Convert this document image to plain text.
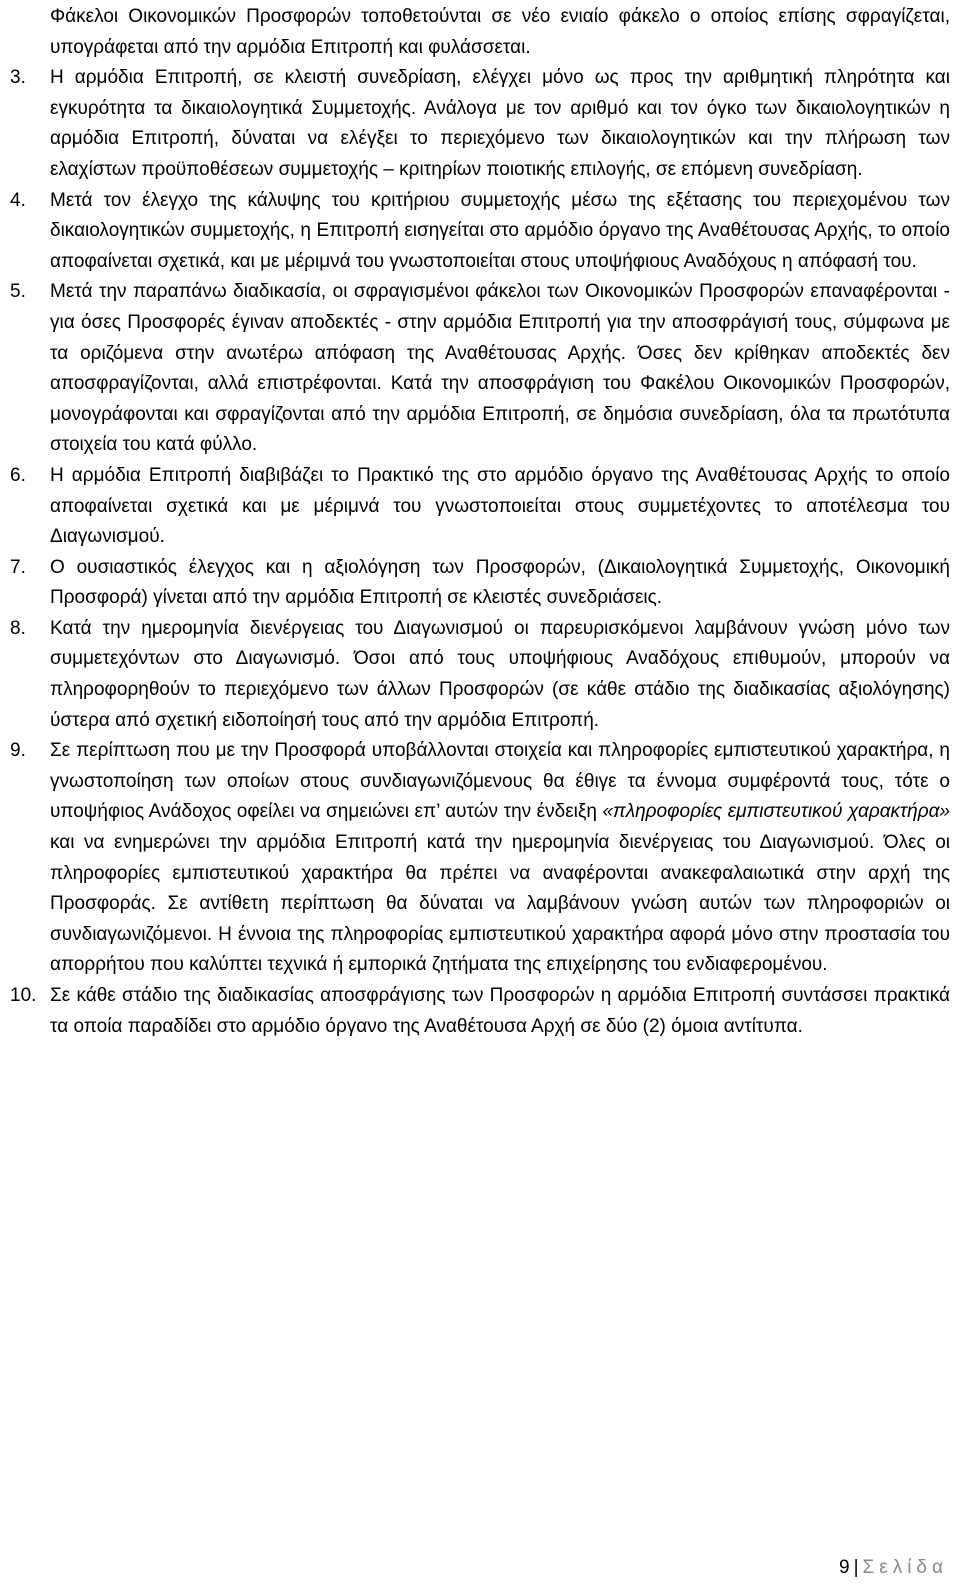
Φάκελοι Οικονομικών Προσφορών τοποθετούνται σε νέο ενιαίο φάκελο ο οποίος επίσης σφραγίζεται, υπογράφεται από την αρμόδια Επιτροπή και φυλάσσεται.

3.	Η αρμόδια Επιτροπή, σε κλειστή συνεδρίαση, ελέγχει μόνο ως προς την αριθμητική πληρότητα και εγκυρότητα τα δικαιολογητικά Συμμετοχής. Ανάλογα με τον αριθμό και τον όγκο των δικαιολογητικών η αρμόδια Επιτροπή, δύναται να ελέγξει το περιεχόμενο των δικαιολογητικών και την πλήρωση των ελαχίστων προϋποθέσεων συμμετοχής – κριτηρίων ποιοτικής επιλογής, σε επόμενη συνεδρίαση.

4.	Μετά τον έλεγχο της κάλυψης του κριτήριου συμμετοχής μέσω της εξέτασης του περιεχομένου των δικαιολογητικών συμμετοχής, η Επιτροπή εισηγείται στο αρμόδιο όργανο της Αναθέτουσας Αρχής, το οποίο αποφαίνεται σχετικά, και με μέριμνά του γνωστοποιείται στους υποψήφιους Αναδόχους η απόφασή του.

5.	Μετά την παραπάνω διαδικασία, οι σφραγισμένοι φάκελοι των Οικονομικών Προσφορών επαναφέρονται - για όσες Προσφορές έγιναν αποδεκτές - στην αρμόδια Επιτροπή για την αποσφράγισή τους, σύμφωνα με τα οριζόμενα στην ανωτέρω απόφαση της Αναθέτουσας Αρχής. Όσες δεν κρίθηκαν αποδεκτές δεν αποσφραγίζονται, αλλά επιστρέφονται. Κατά την αποσφράγιση του Φακέλου Οικονομικών Προσφορών, μονογράφονται και σφραγίζονται από την αρμόδια Επιτροπή, σε δημόσια συνεδρίαση, όλα τα πρωτότυπα στοιχεία του κατά φύλλο.

6.	Η αρμόδια Επιτροπή διαβιβάζει το Πρακτικό της στο αρμόδιο όργανο της Αναθέτουσας Αρχής το οποίο αποφαίνεται σχετικά και με μέριμνά του γνωστοποιείται στους συμμετέχοντες το αποτέλεσμα του Διαγωνισμού.

7.	Ο ουσιαστικός έλεγχος και η αξιολόγηση των Προσφορών, (Δικαιολογητικά Συμμετοχής, Οικονομική Προσφορά) γίνεται από την αρμόδια Επιτροπή σε κλειστές συνεδριάσεις.

8.	Κατά την ημερομηνία διενέργειας του Διαγωνισμού οι παρευρισκόμενοι λαμβάνουν γνώση μόνο των συμμετεχόντων στο Διαγωνισμό. Όσοι από τους υποψήφιους Αναδόχους επιθυμούν, μπορούν να πληροφορηθούν το περιεχόμενο των άλλων Προσφορών (σε κάθε στάδιο της διαδικασίας αξιολόγησης) ύστερα από σχετική ειδοποίησή τους από την αρμόδια Επιτροπή.

9.	Σε περίπτωση που με την Προσφορά υποβάλλονται στοιχεία και πληροφορίες εμπιστευτικού χαρακτήρα, η γνωστοποίηση των οποίων στους συνδιαγωνιζόμενους θα έθιγε τα έννομα συμφέροντά τους, τότε ο υποψήφιος Ανάδοχος οφείλει να σημειώνει επ’ αυτών την ένδειξη «πληροφορίες εμπιστευτικού χαρακτήρα» και να ενημερώνει την αρμόδια Επιτροπή κατά την ημερομηνία διενέργειας του Διαγωνισμού. Όλες οι πληροφορίες εμπιστευτικού χαρακτήρα θα πρέπει να αναφέρονται ανακεφαλαιωτικά στην αρχή της Προσφοράς. Σε αντίθετη περίπτωση θα δύναται να λαμβάνουν γνώση αυτών των πληροφοριών οι συνδιαγωνιζόμενοι. Η έννοια της πληροφορίας εμπιστευτικού χαρακτήρα αφορά μόνο στην προστασία του απορρήτου που καλύπτει τεχνικά ή εμπορικά ζητήματα της επιχείρησης του ενδιαφερομένου.

10. Σε κάθε στάδιο της διαδικασίας αποσφράγισης των Προσφορών η αρμόδια Επιτροπή συντάσσει πρακτικά τα οποία παραδίδει στο αρμόδιο όργανο της Αναθέτουσα Αρχή σε δύο (2) όμοια αντίτυπα.

9 | Σελίδα
